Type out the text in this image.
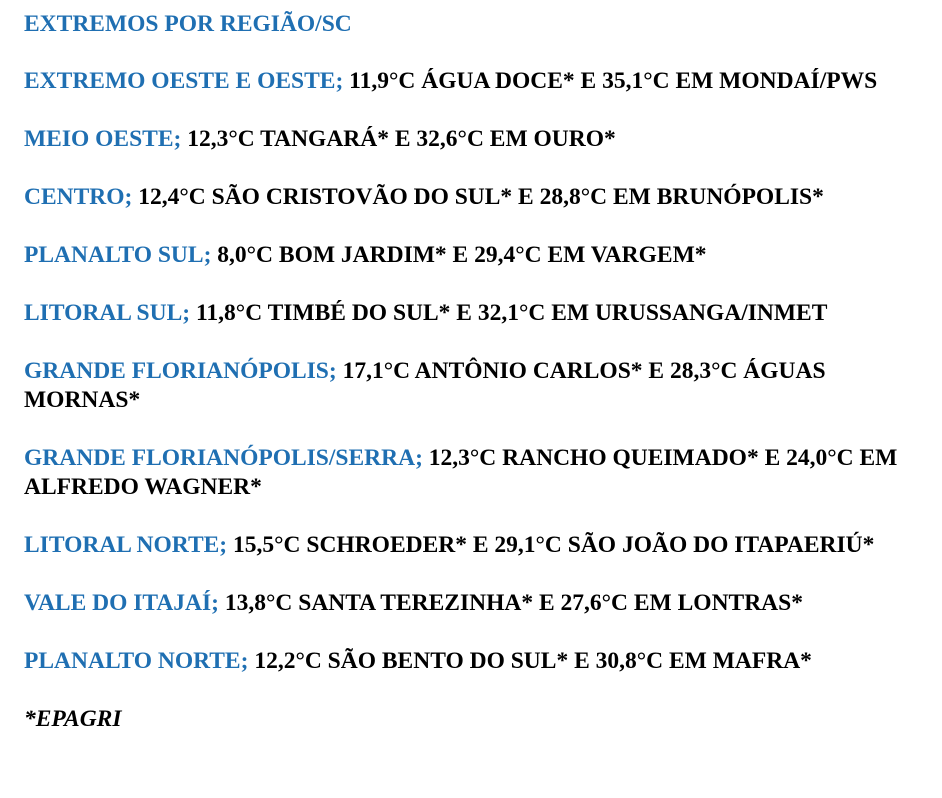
EXTREMOS POR REGIÃO/SC

EXTREMO OESTE E OESTE; 11,9°C ÁGUA DOCE* E 35,1°C EM MONDAÍ/PWS

MEIO OESTE; 12,3°C TANGARÁ* E 32,6°C EM OURO*

CENTRO; 12,4°C SÃO CRISTOVÃO DO SUL* E 28,8°C EM BRUNÓPOLIS*

PLANALTO SUL; 8,0°C BOM JARDIM* E 29,4°C EM VARGEM*

LITORAL SUL; 11,8°C TIMBÉ DO SUL* E 32,1°C EM URUSSANGA/INMET

GRANDE FLORIANÓPOLIS; 17,1°C ANTÔNIO CARLOS* E 28,3°C ÁGUAS MORNAS*

GRANDE FLORIANÓPOLIS/SERRA; 12,3°C RANCHO QUEIMADO* E 24,0°C EM ALFREDO WAGNER*

LITORAL NORTE; 15,5°C SCHROEDER* E 29,1°C SÃO JOÃO DO ITAPAERIÚ*

VALE DO ITAJAÍ; 13,8°C SANTA TEREZINHA* E 27,6°C EM LONTRAS*

PLANALTO NORTE; 12,2°C SÃO BENTO DO SUL* E 30,8°C EM MAFRA*

*EPAGRI
